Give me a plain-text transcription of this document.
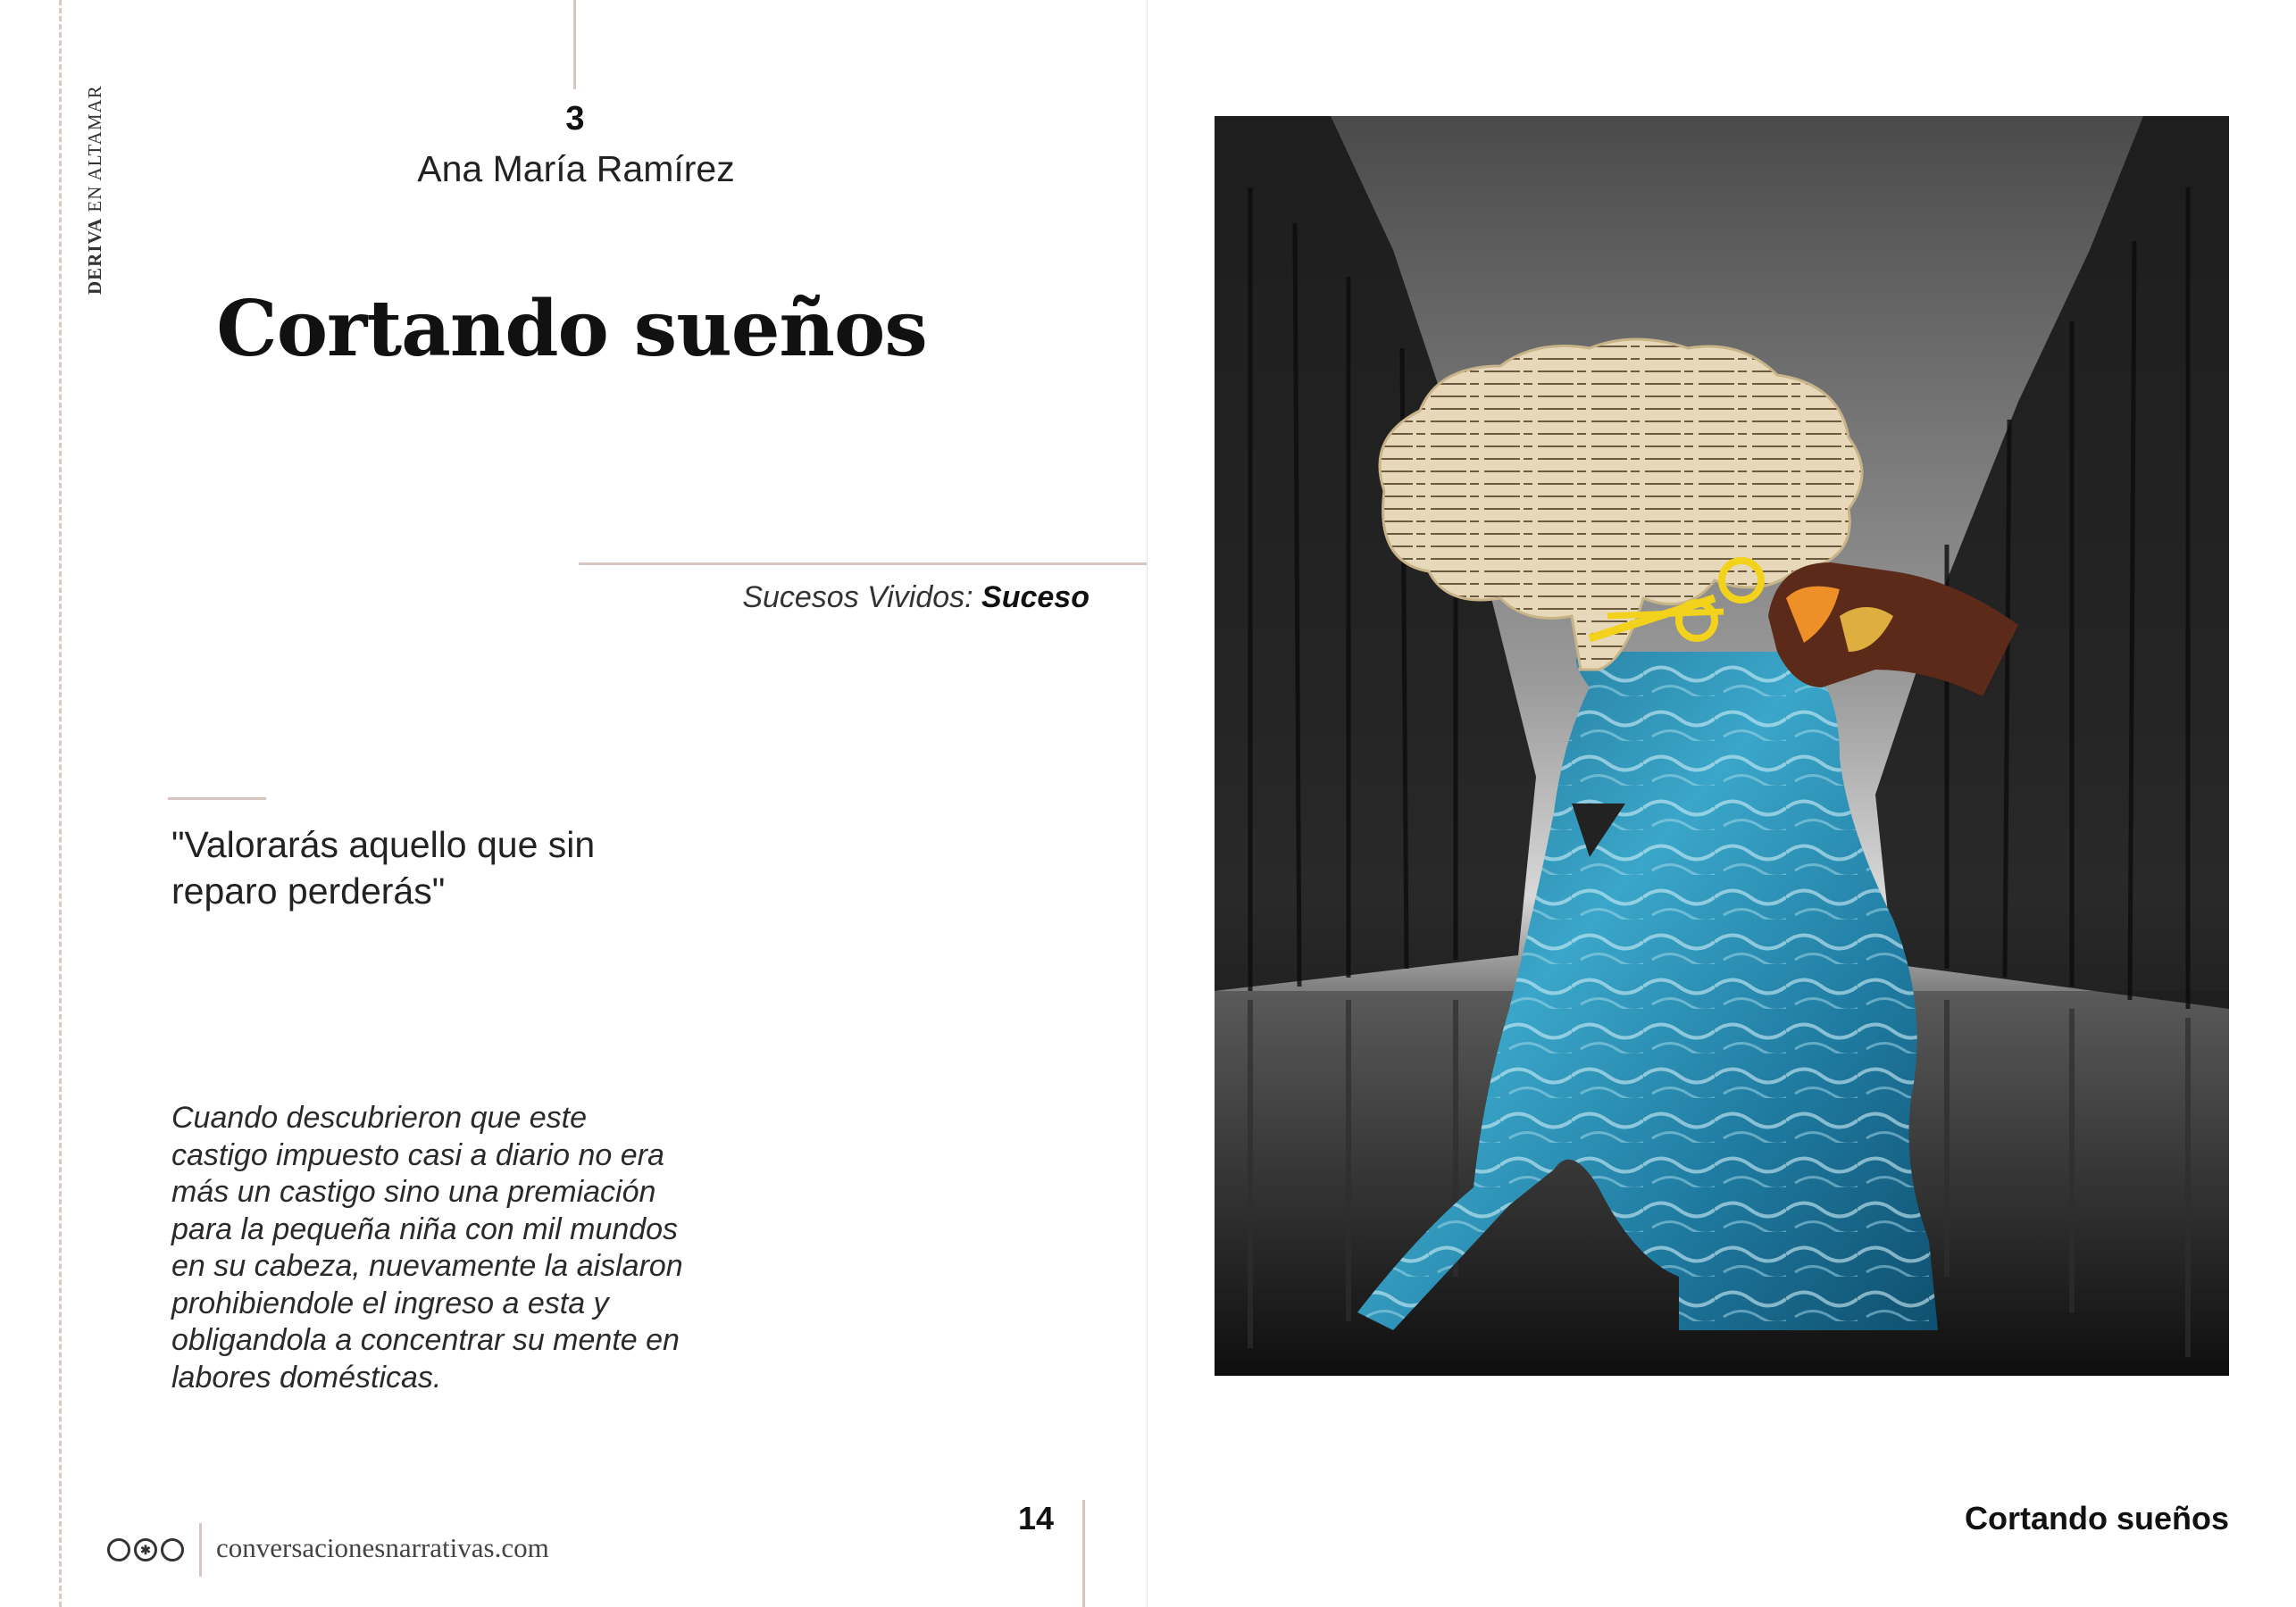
DERIVA EN ALTAMAR	3
Ana María Ramírez
Cortando sueños
Sucesos Vividos: Suceso

"Valorarás aquello que sin reparo perderás"

Cuando descubrieron que este castigo impuesto casi a diario no era más un castigo sino una premiación para la pequeña niña con mil mundos en su cabeza, nuevamente la aislaron prohibiendole el ingreso a esta y obligandola a concentrar su mente en labores domésticas.

✱ conversacionesnarrativas.com
14	Cortando sueños
